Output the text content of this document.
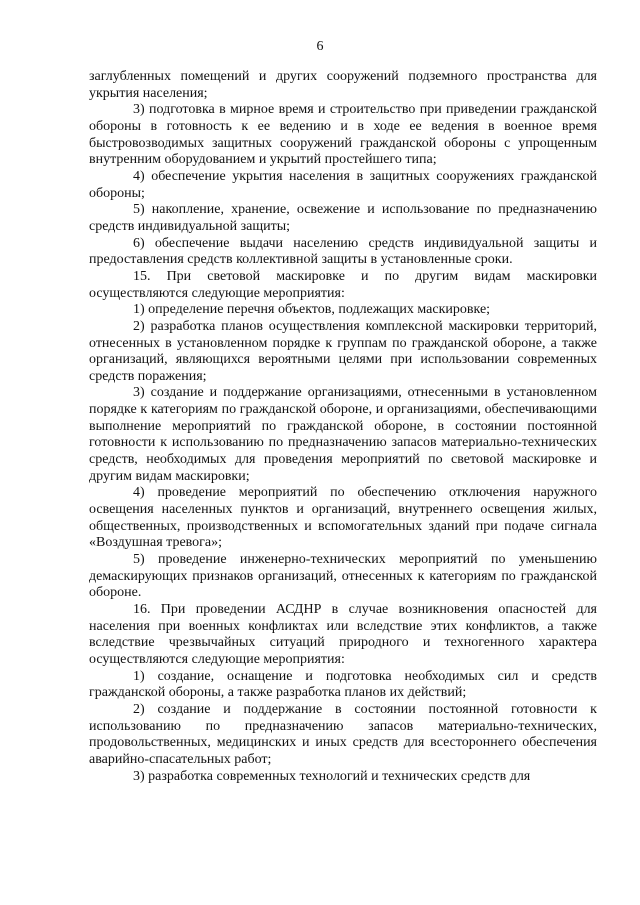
6

заглубленных помещений и других сооружений подземного пространства для укрытия населения;

3) подготовка в мирное время и строительство при приведении гражданской обороны в готовность к ее ведению и в ходе ее ведения в военное время быстровозводимых защитных сооружений гражданской обороны с упрощенным внутренним оборудованием и укрытий простейшего типа;

4) обеспечение укрытия населения в защитных сооружениях гражданской обороны;

5) накопление, хранение, освежение и использование по предназначению средств индивидуальной защиты;

6) обеспечение выдачи населению средств индивидуальной защиты и предоставления средств коллективной защиты в установленные сроки.

15. При световой маскировке и по другим видам маскировки осуществляются следующие мероприятия:

1) определение перечня объектов, подлежащих маскировке;

2) разработка планов осуществления комплексной маскировки территорий, отнесенных в установленном порядке к группам по гражданской обороне, а также организаций, являющихся вероятными целями при использовании современных средств поражения;

3) создание и поддержание организациями, отнесенными в установленном порядке к категориям по гражданской обороне, и организациями, обеспечивающими выполнение мероприятий по гражданской обороне, в состоянии постоянной готовности к использованию по предназначению запасов материально-технических средств, необходимых для проведения мероприятий по световой маскировке и другим видам маскировки;

4) проведение мероприятий по обеспечению отключения наружного освещения населенных пунктов и организаций, внутреннего освещения жилых, общественных, производственных и вспомогательных зданий при подаче сигнала «Воздушная тревога»;

5) проведение инженерно-технических мероприятий по уменьшению демаскирующих признаков организаций, отнесенных к категориям по гражданской обороне.

16. При проведении АСДНР в случае возникновения опасностей для населения при военных конфликтах или вследствие этих конфликтов, а также вследствие чрезвычайных ситуаций природного и техногенного характера осуществляются следующие мероприятия:

1) создание, оснащение и подготовка необходимых сил и средств гражданской обороны, а также разработка планов их действий;

2) создание и поддержание в состоянии постоянной готовности к использованию по предназначению запасов материально-технических, продовольственных, медицинских и иных средств для всестороннего обеспечения аварийно-спасательных работ;

3) разработка современных технологий и технических средств для
